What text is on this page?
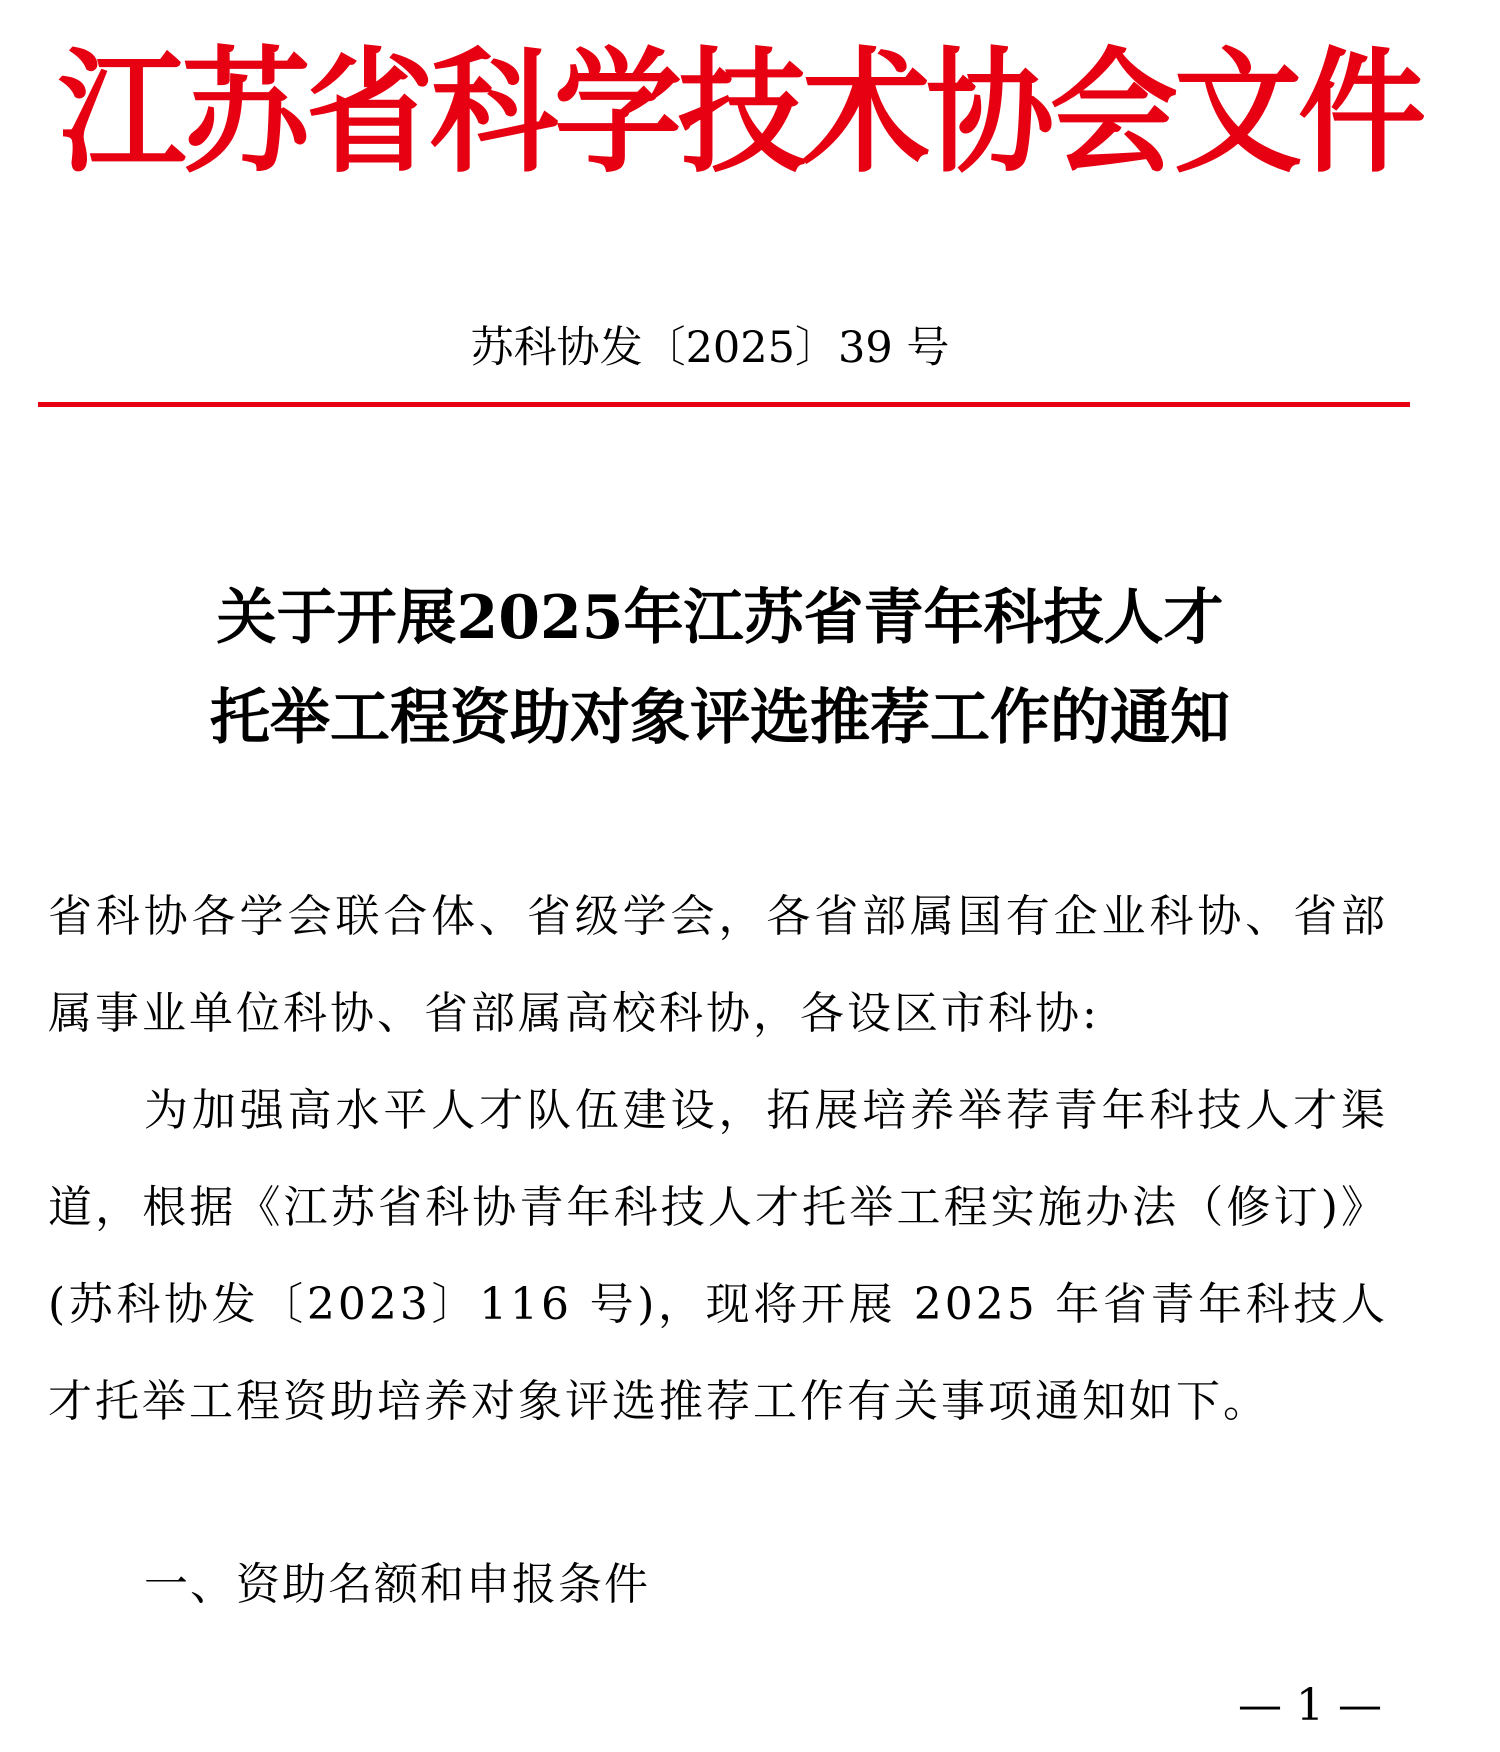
江苏省科学技术协会文件
苏科协发〔2025〕39 号
关于开展2025年江苏省青年科技人才
托举工程资助对象评选推荐工作的通知

省科协各学会联合体、省级学会，各省部属国有企业科协、省部属事业单位科协、省部属高校科协，各设区市科协:

为加强高水平人才队伍建设，拓展培养举荐青年科技人才渠道，根据《江苏省科协青年科技人才托举工程实施办法（修订)》(苏科协发〔2023〕116 号)，现将开展 2025 年省青年科技人才托举工程资助培养对象评选推荐工作有关事项通知如下。

一、资助名额和申报条件
— 1 —
